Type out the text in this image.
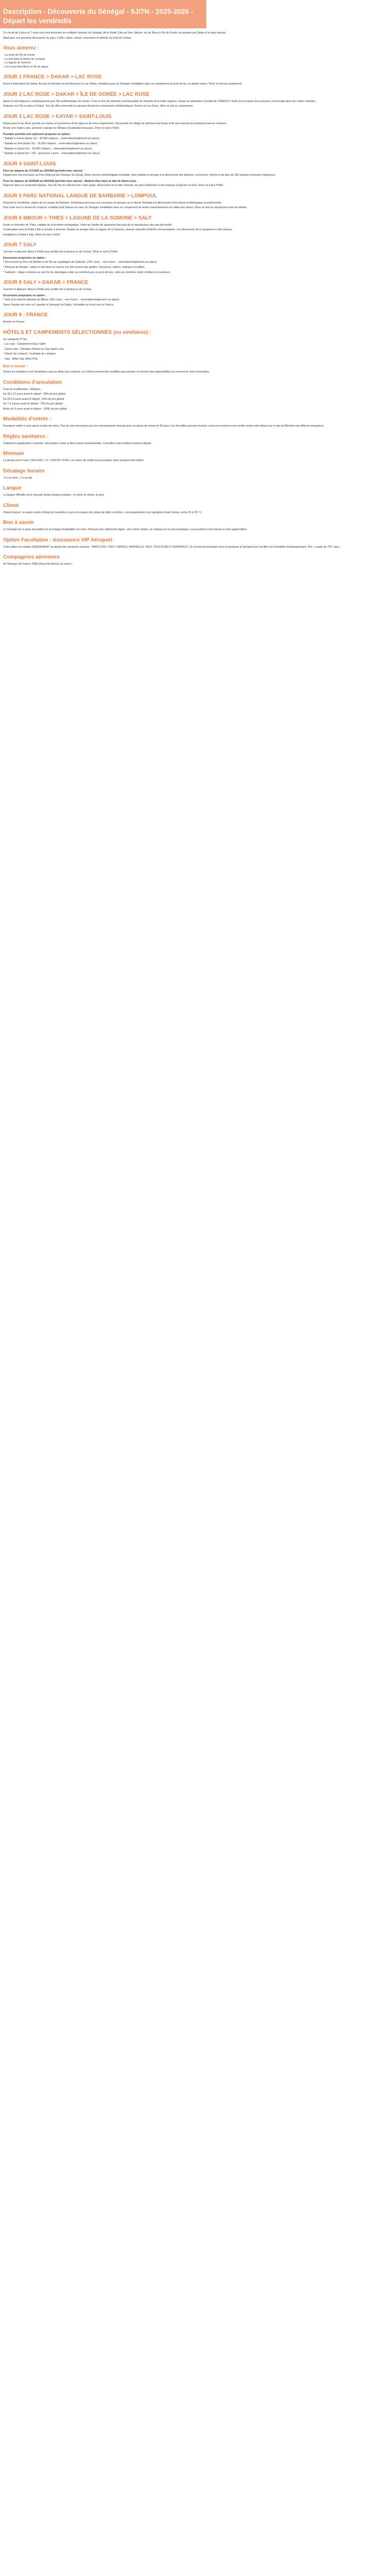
Description - Découverte du Sénégal - 9J/7N - 2025-2026 - Départ les vendredis

Ce circuit de 9 jours et 7 nuits vous fera découvrir les multiples facettes du Sénégal, de la Petite Côte au Sine Saloum, du lac Rose à l'île de Gorée, en passant par Dakar et le pays bassari.

Idéal pour une première découverte du pays, il allie culture, nature, rencontres et détente au bord de l'océan.

Vous aimerez :
- La visite de l'île de Gorée
- La nuit dans le désert de Lompoul
- La lagune de Somone
- Les 2 journées libres en fin de séjour
JOUR 1 FRANCE > DAKAR > LAC ROSE

Envol à destination de Dakar. Accueil à l'aéroport et transfert pour le Lac Retba, véritable joyau du Sénégal. Installation dans un campement au bord du lac, en pleine nature. Dîner et nuit au campement.

JOUR 2 LAC ROSE > DAKAR > ÎLE DE GORÉE > LAC ROSE

Après le petit déjeuner, embarquement pour l'île emblématique de Gorée. C'est un lieu de mémoire incontournable de l'histoire de la traite négrière, classé au patrimoine mondial de l'UNESCO. Visite de la maison des esclaves, promenade dans les ruelles colorées.

Déjeuner sur l'île et retour à Dakar. Tour de ville commenté en passant devant les monuments emblématiques. Retour au Lac Rose, dîner et nuit au campement.

JOUR 3 LAC ROSE > KAYAR > SAINT-LOUIS

Départ pour le lac Rose qui doit sa couleur à la présence d'une algue et de micro-organismes. Découverte du village de pêcheurs de Kayar et de son marché aux poissons haut en couleurs.

Route vers Saint-Louis, ancienne capitale de l'Afrique-Occidentale française. Dîner et nuit à l'hôtel.

Possible activités non optionnel proposée en option :

* Balade à cheval (durée 1h) - 35.000 cfa/pers. - réservation/règlement sur place)

* Balade en 4x4 (durée 1h) - 15.000 cfa/pers. - réservation/règlement sur place)

* Balade en Quad (1h) - 20.000 cfa/pers. - réservation/règlement sur place)

* Balade en Quad (1h + 30) - quad pour 2 pers. - réservation/règlement sur place)

JOUR 4 SAINT-LOUIS

Pour les départs du 17/10/25 au 25/04/26 (période hors saison) :

Départ pour une excursion au Parc National des Oiseaux du Djoudj, 3ème réserve ornithologique mondiale, avec balade en pirogue à la découverte des pélicans, cormorans, hérons et de plus de 350 espèces d'oiseaux migrateurs.

Pour les départs du 02/05/26 au 09/10/26 (période hors saison) : Matinée libre dans la ville de Saint-Louis.

Déjeuner dans un restaurant typique. Tour de l'île en calèche avec votre guide, découverte de la ville coloniale, du pont Faidherbe et des maisons à balcons en bois. Dîner et nuit à l'hôtel.

JOUR 5 PARC NATIONAL LANGUE DE BARBARIE > LOMPOUL

Direction le Gandiolais, région de la Langue de Barbarie. Embarquement pour une excursion en pirogue sur le fleuve Sénégal à la découverte d'une faune ornithologique exceptionnelle.

Puis route vers le désert de Lompoul, véritable petit Sahara au cœur du Sénégal. Installation dans un campement de tentes mauritaniennes au milieu des dunes. Dîner et nuit au campement sous les étoiles.

JOUR 6 MBOUR > THIES > LAGUNE DE LA SOMONE > SALY

Route en direction de Thiès, capitale de la broderie sénégalaise. Visite de l'atelier de tapisserie d'art puis de la manufacture des arts décoratifs.

Continuation vers la Petite Côte et arrivée à Somone. Balade en pirogue dans la lagune de la Somone, réserve naturelle d'intérêt communautaire, à la découverte de la mangrove et des oiseaux.

Installation à l'hôtel à Saly. Dîner et nuit à l'hôtel.

JOUR 7 SALY

Journée et déjeuner libres à l'hôtel pour profiter de la piscine ou de l'océan. Dîner et nuit à l'hôtel.

Excursions proposées en option :

* Découverte du Parc de Bandia et de l'île de coquillages de Fadiouth. (75€ / pers. - min 4 pers. - réservation/règlement sur place)

* Réserve de Bandia : safari en 4x4 dans la réserve à la découverte des girafes, rhinocéros, zèbres, antilopes et buffles.

* Fadiouth : village construit sur une île de coquillages reliée au continent par un pont de bois, visite du cimetière mixte chrétien et musulman.

JOUR 8 SALY > DAKAR > FRANCE

Journée et déjeuner libres à l'hôtel pour profiter de la piscine ou de l'océan.

Excursions proposées en option :

* Saly et le marché artisanal de Mbour (35€ / pers. - min 4 pers. - réservation/règlement sur place)

Selon l'horaire de votre vol, transfert à l'aéroport de Dakar. Formalités et envol vers la France.

JOUR 9 : FRANCE

Arrivée en France.

HÔTELS ET CAMPEMENTS SÉLECTIONNÉS (ou similaires) :

(en catégorie 3* NL)

- Lac rose : Campement Keur Salim

- Saint-Louis : Domaine Zébrûs ou Cap Saint-Louis

- Désert de Lompoul : Ecolodge de Lompoul

- Saly : Hôtel Saly Hôtel 3*NL

Bon à savoir :

Toutes les chambres sont climatisées sauf au désert de Lompoul. Les hôtels peuvent être modifiés sans préavis en fonction des disponibilités au moment de votre réservation.

Conditions d'annulation

Frais de modification : 60€/pers.

De 30 à 21 jours avant le départ : 35% du prix global

De 20 à 8 jours avant le départ : 50% du prix global

De 7 à 3 jours avant le départ : 75% du prix global

Moins de 3 jours avant le départ : 100% du prix global

Modalités d'entrée :

Passeport valide 6 mois après la date de retour. Pas de visa nécessaire pour les ressortissants français pour un séjour de moins de 90 jours. Les formalités peuvent évoluer, nous vous invitons à les vérifier avant votre départ sur le site du Ministère des Affaires étrangères.

Règles sanitaires :

Traitement antipaludéen conseillé. Vaccination contre la fièvre jaune recommandée. Consultez votre médecin avant le départ.

Monnaie

La devise est le Franc CFA (XOF). 1 € = 655,957 FCFA. Les cartes de crédit sont acceptées dans la plupart des hôtels.

Décalage horaire

-2 h en hiver, -1 h en été

Langue

La langue officielle est le français. Autres langues parlées : le wolof, le sérère, le peul.

Climat

Climat tropical. La saison sèche s'étend de novembre à juin et la saison des pluies de juillet à octobre. Les températures sont agréables toute l'année, entre 25 et 35 °C.

Bon à savoir

Le Sénégal est un pays accueillant où la teranga (hospitalité) est reine. Prévoyez des vêtements légers, une crème solaire, un chapeau et un anti-moustique. Les pourboires sont laissés à votre appréciation.

Option Facultative : Assistance VIP Aéroport

Cette option est valable UNIQUEMENT au départ des aéroports suivants : PARIS CDG / ORLY, NANTES, MARSEILLE, NICE, TOULOUSE ET BORDEAUX. Un accueil personnalisé vous est proposé à l'aéroport pour faciliter vos formalités d'embarquement. Prix : à partir de 75€ / pers.

Compagnies aériennes

Air Sénégal, Air France, RAM (Royal Air Maroc) ou autres...
